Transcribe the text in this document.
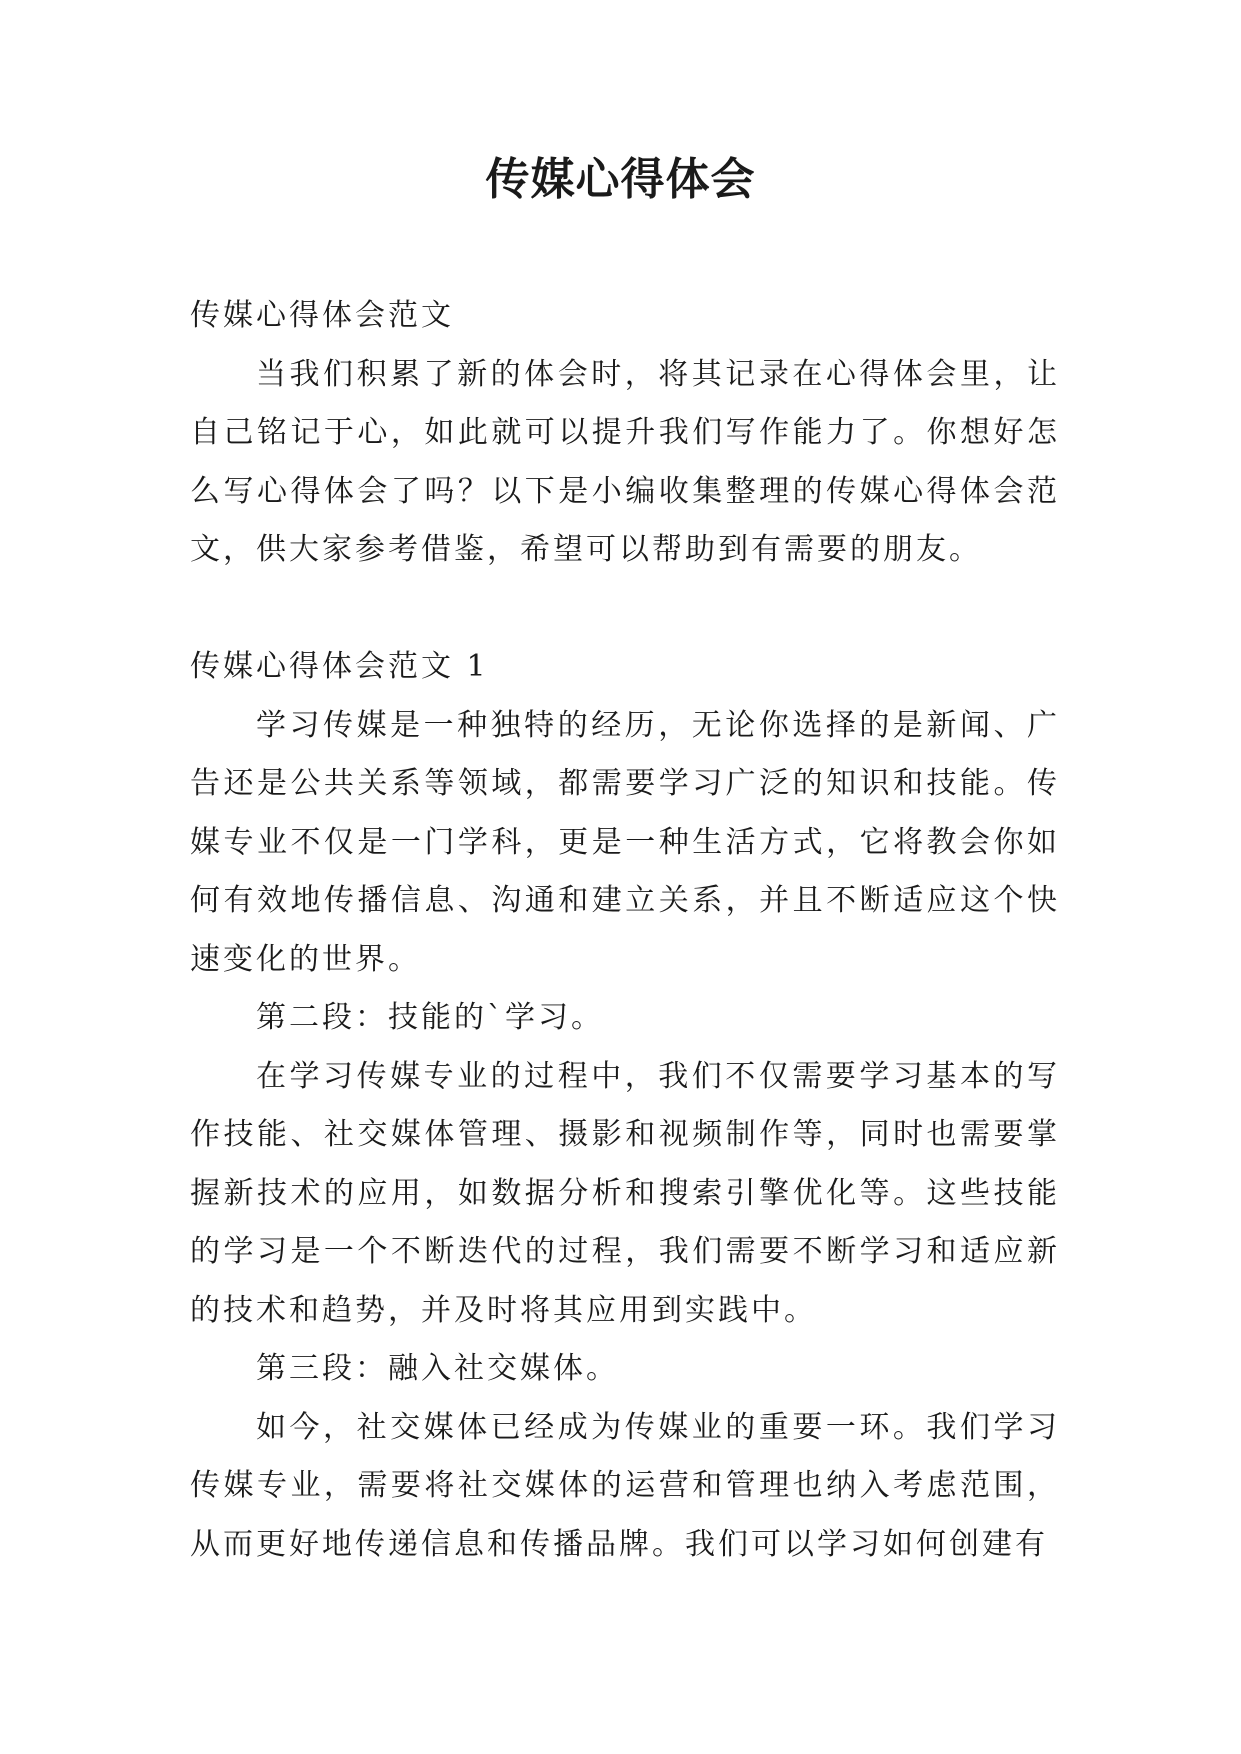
传媒心得体会

传媒心得体会范文

当我们积累了新的体会时，将其记录在心得体会里，让自己铭记于心，如此就可以提升我们写作能力了。你想好怎么写心得体会了吗？以下是小编收集整理的传媒心得体会范文，供大家参考借鉴，希望可以帮助到有需要的朋友。

传媒心得体会范文 1

学习传媒是一种独特的经历，无论你选择的是新闻、广告还是公共关系等领域，都需要学习广泛的知识和技能。传媒专业不仅是一门学科，更是一种生活方式，它将教会你如何有效地传播信息、沟通和建立关系，并且不断适应这个快速变化的世界。

第二段：技能的`学习。

在学习传媒专业的过程中，我们不仅需要学习基本的写作技能、社交媒体管理、摄影和视频制作等，同时也需要掌握新技术的应用，如数据分析和搜索引擎优化等。这些技能的学习是一个不断迭代的过程，我们需要不断学习和适应新的技术和趋势，并及时将其应用到实践中。

第三段：融入社交媒体。

如今，社交媒体已经成为传媒业的重要一环。我们学习传媒专业，需要将社交媒体的运营和管理也纳入考虑范围，从而更好地传递信息和传播品牌。我们可以学习如何创建有
